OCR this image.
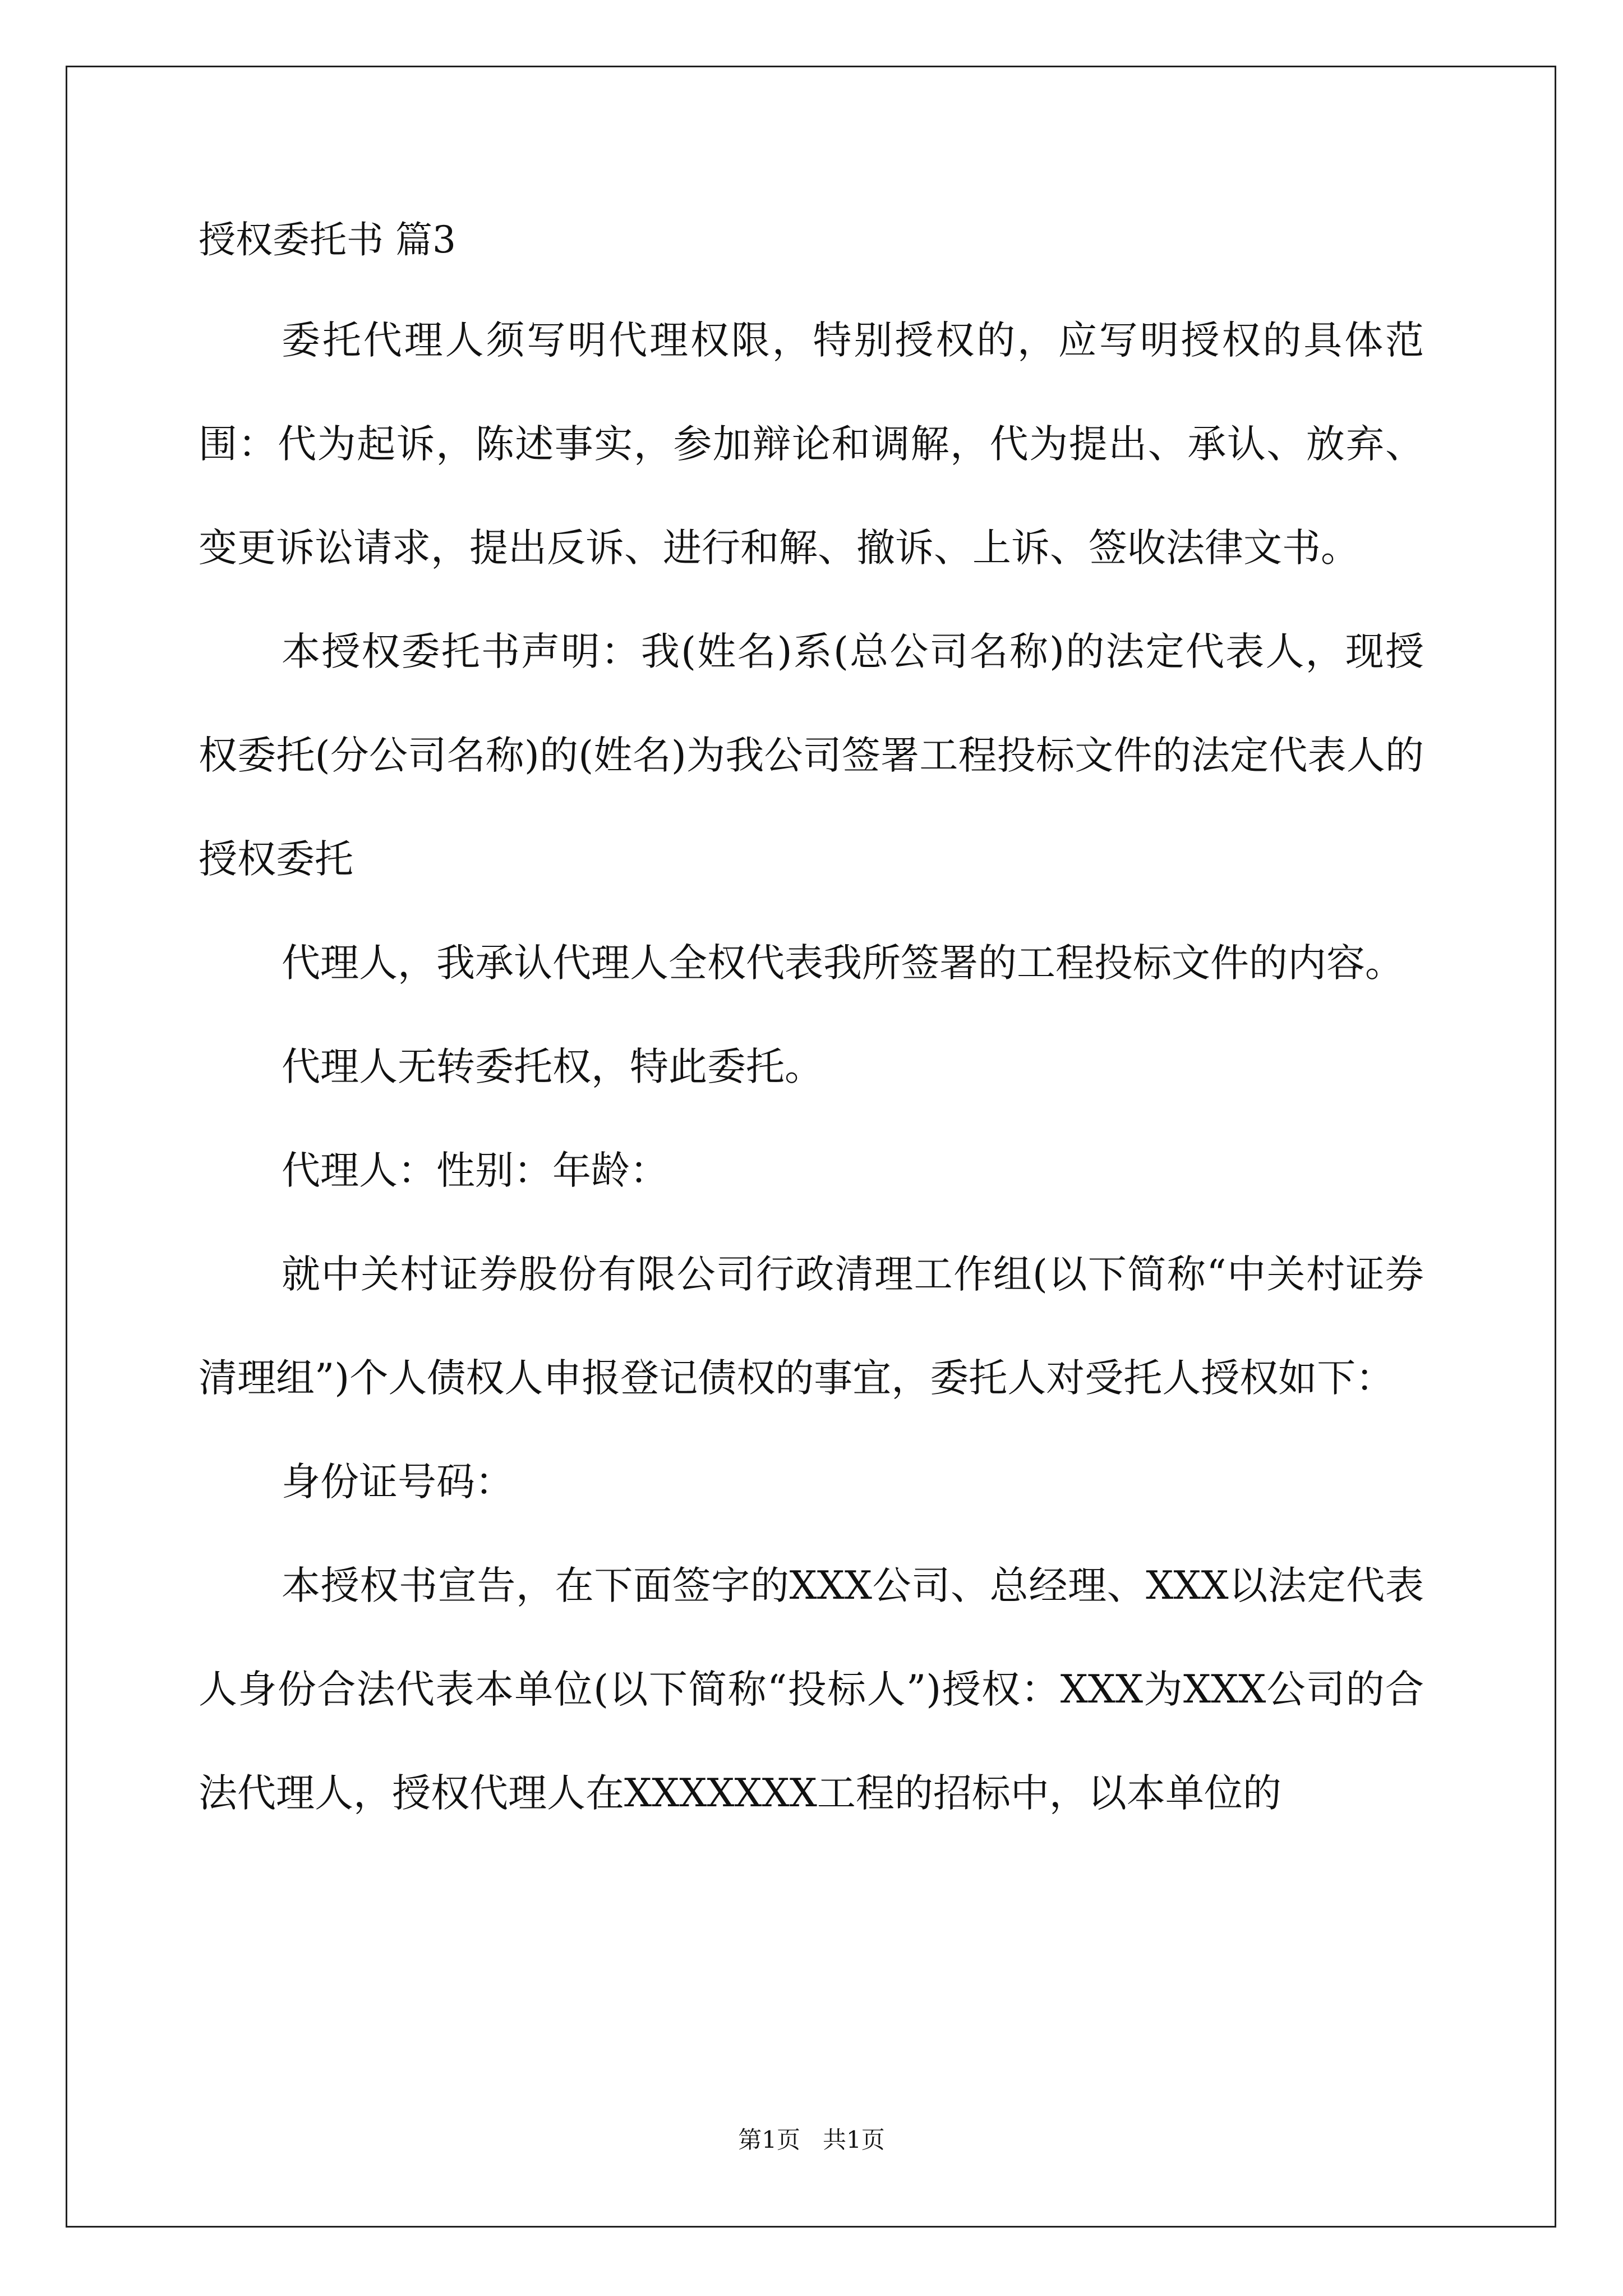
授权委托书 篇3

委托代理人须写明代理权限，特别授权的，应写明授权的具体范围：代为起诉，陈述事实，参加辩论和调解，代为提出、承认、放弃、变更诉讼请求，提出反诉、进行和解、撤诉、上诉、签收法律文书。

本授权委托书声明：我(姓名)系(总公司名称)的法定代表人，现授权委托(分公司名称)的(姓名)为我公司签署工程投标文件的法定代表人的授权委托

代理人，我承认代理人全权代表我所签署的工程投标文件的内容。

代理人无转委托权，特此委托。

代理人：性别：年龄：

就中关村证券股份有限公司行政清理工作组(以下简称“中关村证券清理组”)个人债权人申报登记债权的事宜，委托人对受托人授权如下：

身份证号码：

本授权书宣告，在下面签字的XXX公司、总经理、XXX以法定代表人身份合法代表本单位(以下简称“投标人”)授权：XXX为XXX公司的合法代理人，授权代理人在XXXXXXX工程的招标中，以本单位的

第1页   共1页
